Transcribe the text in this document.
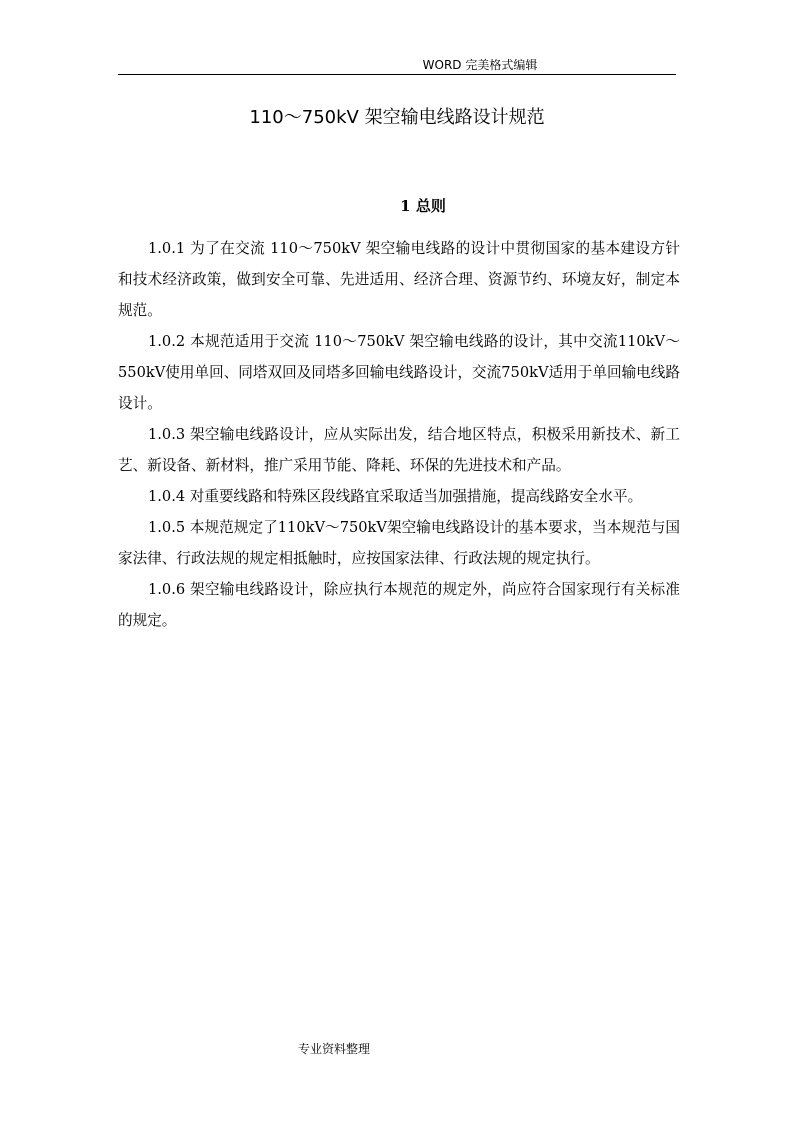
WORD 完美格式编辑
110～750kV 架空输电线路设计规范
1 总则

1.0.1 为了在交流 110～750kV 架空输电线路的设计中贯彻国家的基本建设方针和技术经济政策，做到安全可靠、先进适用、经济合理、资源节约、环境友好，制定本规范。

1.0.2 本规范适用于交流 110～750kV 架空输电线路的设计，其中交流110kV～550kV使用单回、同塔双回及同塔多回输电线路设计，交流750kV适用于单回输电线路设计。

1.0.3 架空输电线路设计，应从实际出发，结合地区特点，积极采用新技术、新工艺、新设备、新材料，推广采用节能、降耗、环保的先进技术和产品。

1.0.4 对重要线路和特殊区段线路宜采取适当加强措施，提高线路安全水平。

1.0.5 本规范规定了110kV～750kV架空输电线路设计的基本要求，当本规范与国家法律、行政法规的规定相抵触时，应按国家法律、行政法规的规定执行。

1.0.6 架空输电线路设计，除应执行本规范的规定外，尚应符合国家现行有关标准的规定。

专业资料整理
